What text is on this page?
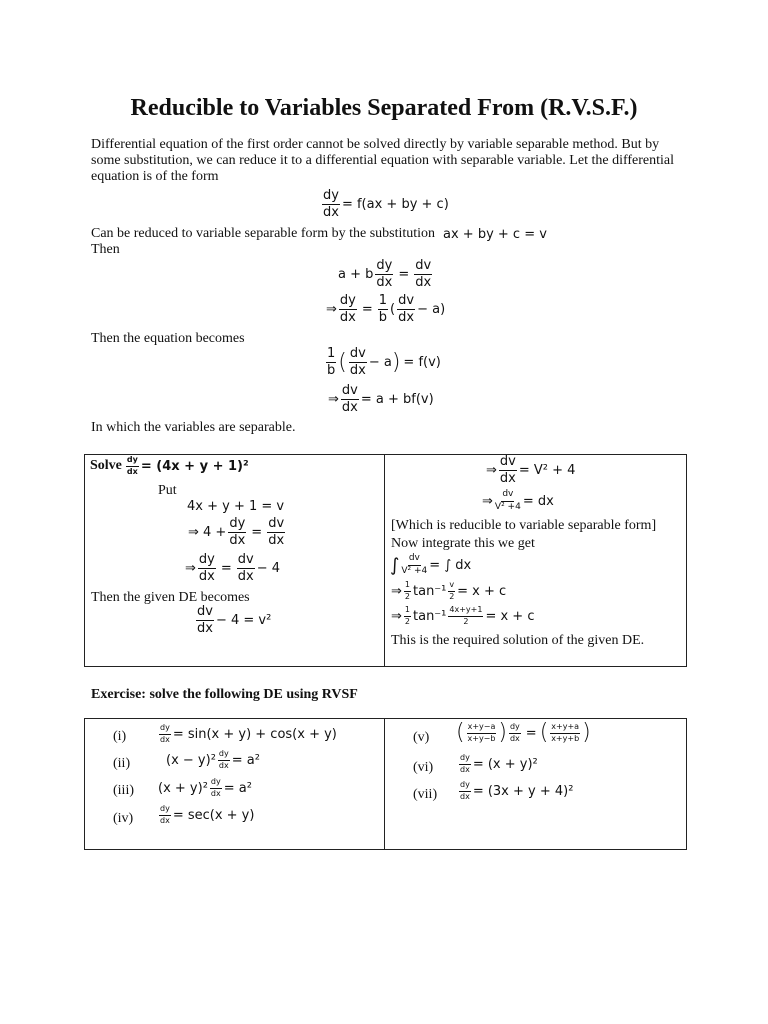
Reducible to Variables Separated From (R.V.S.F.)
Differential equation of the first order cannot be solved directly by variable separable method. But by some substitution, we can reduce it to a differential equation with separable variable. Let the differential equation is of the form
$\frac{dy}{dx} = f(ax$ + by + c)
Can be reduced to variable separable form by the substitution ax + by + c = v
Then
a + b $\frac{dy}{dx} = \frac{dv}{dx}$
⇒ $\frac{dy}{dx} = \frac{1}{b}$ ( $\frac{dv}{dx} - a$)
Then the equation becomes
$\frac{1}{b}$ ( $\frac{dv}{dx} - a$ ) = f(v)
⇒ $\frac{dv}{dx} = a + bf(v)$
In which the variables are separable.
Solve $\frac{dy}{dx} = (4x + y + 1)^2$
Put
4x + y + 1 = v
⇒ $4 + \frac{dy}{dx} = \frac{dv}{dx}$
⇒ $\frac{dy}{dx} = \frac{dv}{dx} - 4$
Then the given DE becomes
$\frac{dv}{dx} - 4 = v^2$
⇒ $\frac{dv}{dx} = V^2 + 4$
⇒ $\frac{dv}{\text{V² +4}}$ = dx
[Which is reducible to variable separable form]
Now integrate this we get
∫ $\frac{dv}{\text{V² +4}}$ = ∫ dx
⇒ $\frac{1}{2} \tan^{-1} \frac{v}{2} = x + c$
⇒ $\frac{1}{2} \tan^{-1} \frac{4x+y+1}{2} = x + c$
This is the required solution of the given DE.
Exercise: solve the following DE using RVSF
(i)	$\frac{dy}{dx} = \sin(x + y) + \cos(x + y)$
(ii)	$(x - y)^2 \frac{dy}{dx} = a^2$
(iii) $(x + y)^2 \frac{dy}{dx} = a^2$
(iv)	$\frac{dy}{dx} = \sec(x + y)$
(v) ( $\frac{x+y-a}{x+y-b}$ ) $\frac{dy}{dx}$ = ( $\frac{x+y+a}{x+y+b}$ )
(vi)	$\frac{dy}{dx} = (x + y)^2$
(vii)	$\frac{dy}{dx} = (3x + y + 4)^2$
